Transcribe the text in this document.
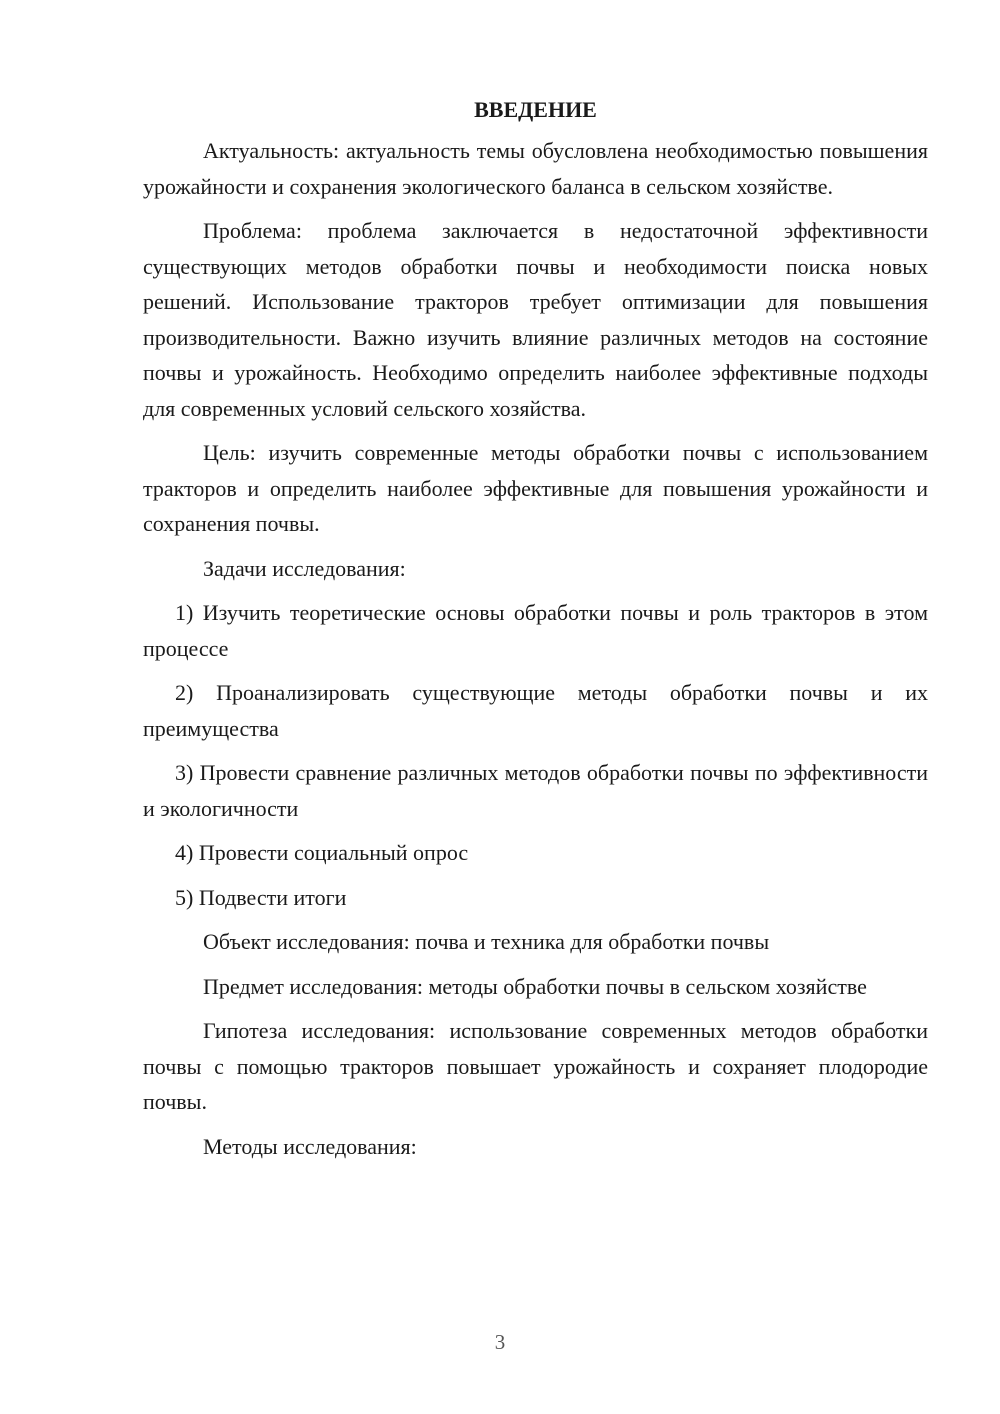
ВВЕДЕНИЕ

Актуальность: актуальность темы обусловлена необходимостью повышения урожайности и сохранения экологического баланса в сельском хозяйстве.

Проблема: проблема заключается в недостаточной эффективности существующих методов обработки почвы и необходимости поиска новых решений. Использование тракторов требует оптимизации для повышения производительности. Важно изучить влияние различных методов на состояние почвы и урожайность. Необходимо определить наиболее эффективные подходы для современных условий сельского хозяйства.

Цель: изучить современные методы обработки почвы с использованием тракторов и определить наиболее эффективные для повышения урожайности и сохранения почвы.

Задачи исследования:

1) Изучить теоретические основы обработки почвы и роль тракторов в этом процессе

2) Проанализировать существующие методы обработки почвы и их преимущества

3) Провести сравнение различных методов обработки почвы по эффективности и экологичности

4) Провести социальный опрос

5) Подвести итоги

Объект исследования: почва и техника для обработки почвы

Предмет исследования: методы обработки почвы в сельском хозяйстве

Гипотеза исследования: использование современных методов обработки почвы с помощью тракторов повышает урожайность и сохраняет плодородие почвы.

Методы исследования:

3
